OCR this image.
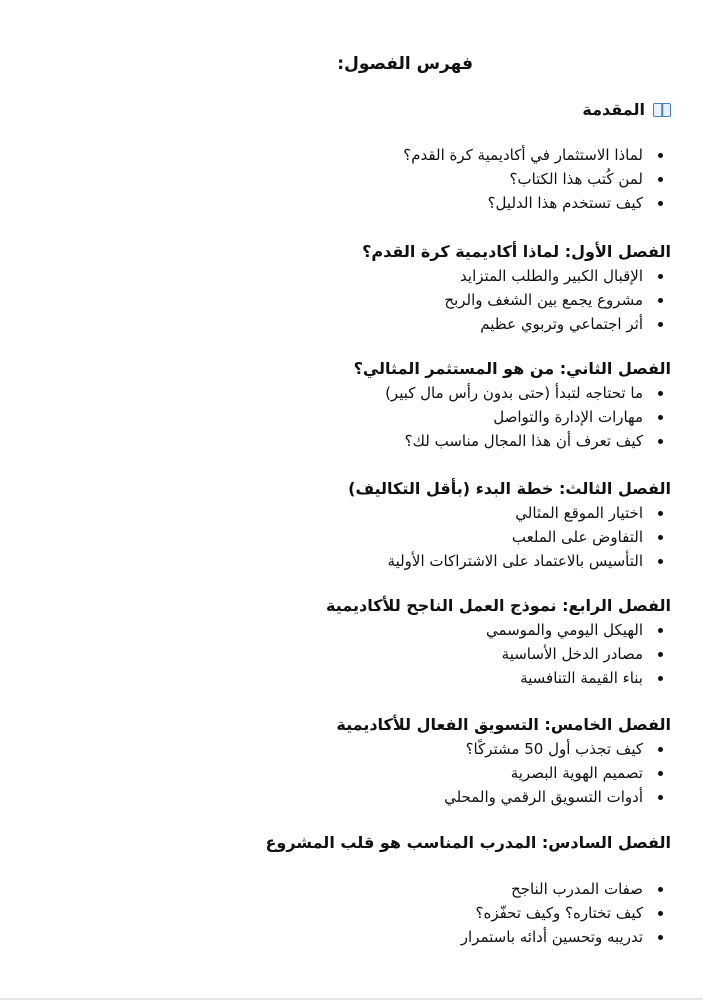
فهرس الفصول:
المقدمة
لماذا الاستثمار في أكاديمية كرة القدم؟
لمن كُتب هذا الكتاب؟
كيف تستخدم هذا الدليل؟
الفصل الأول: لماذا أكاديمية كرة القدم؟
الإقبال الكبير والطلب المتزايد
مشروع يجمع بين الشغف والربح
أثر اجتماعي وتربوي عظيم
الفصل الثاني: من هو المستثمر المثالي؟
ما تحتاجه لتبدأ (حتى بدون رأس مال كبير)
مهارات الإدارة والتواصل
كيف تعرف أن هذا المجال مناسب لك؟
الفصل الثالث: خطة البدء (بأقل التكاليف)
اختيار الموقع المثالي
التفاوض على الملعب
التأسيس بالاعتماد على الاشتراكات الأولية
الفصل الرابع: نموذج العمل الناجح للأكاديمية
الهيكل اليومي والموسمي
مصادر الدخل الأساسية
بناء القيمة التنافسية
الفصل الخامس: التسويق الفعال للأكاديمية
كيف تجذب أول 50 مشتركًا؟
تصميم الهوية البصرية
أدوات التسويق الرقمي والمحلي
الفصل السادس: المدرب المناسب هو قلب المشروع
صفات المدرب الناجح
كيف تختاره؟ وكيف تحفّزه؟
تدريبه وتحسين أدائه باستمرار
